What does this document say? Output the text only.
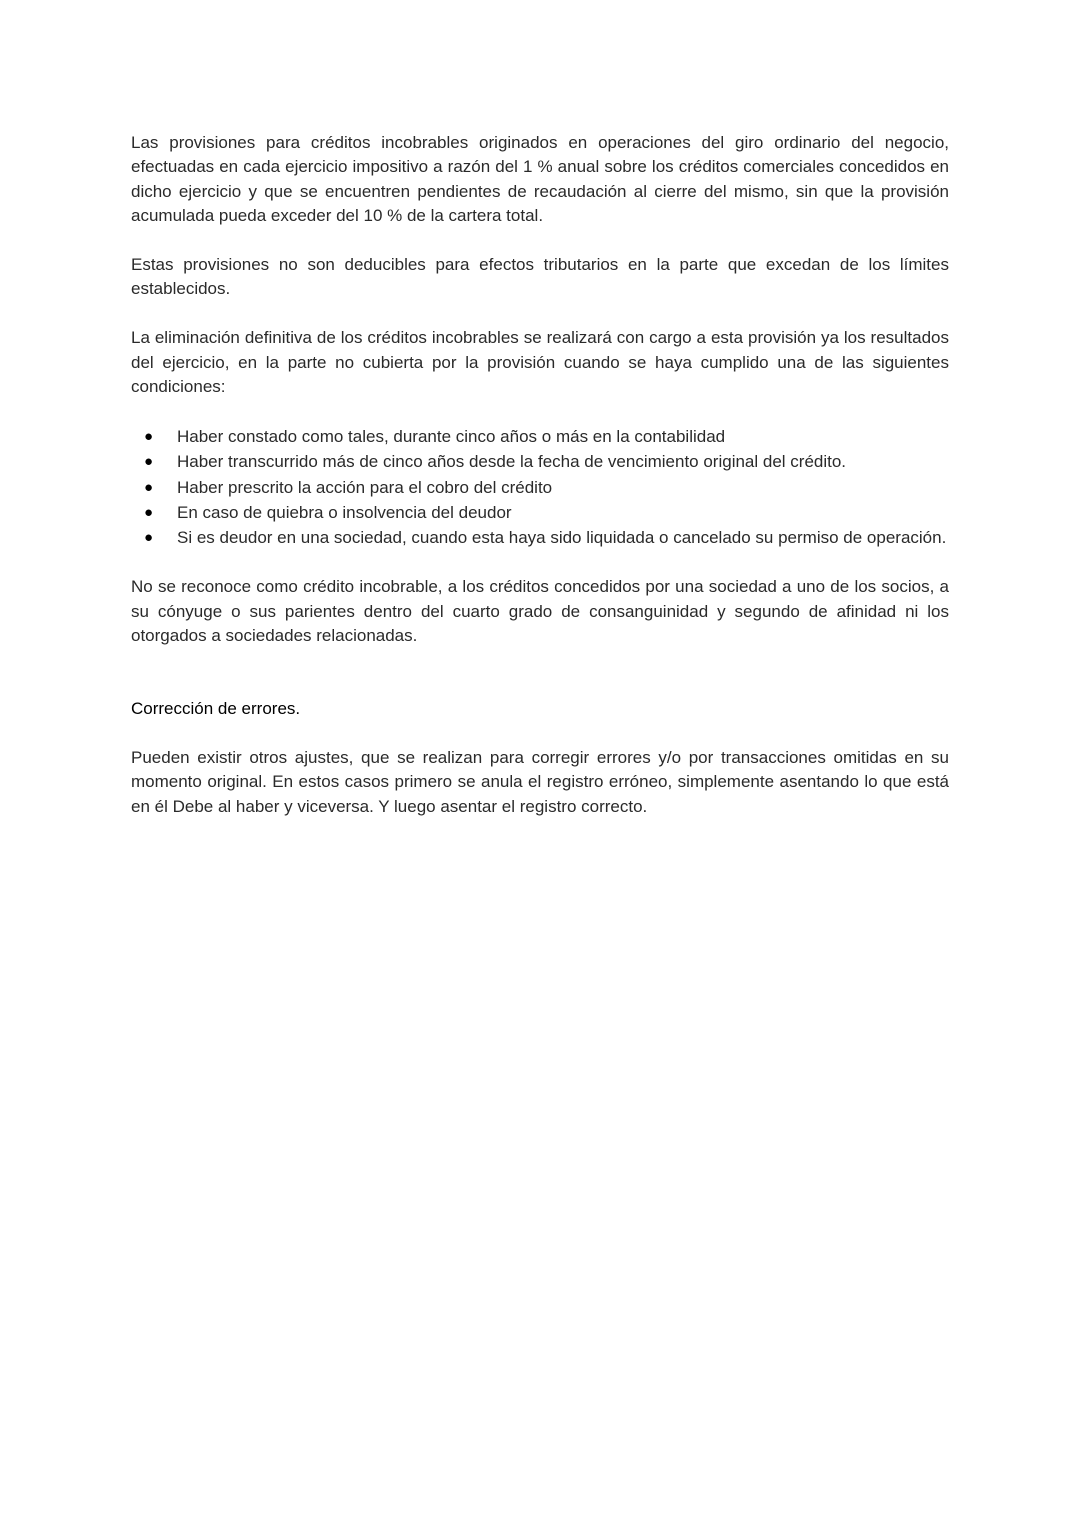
Las provisiones para créditos incobrables originados en operaciones del giro ordinario del negocio, efectuadas en cada ejercicio impositivo a razón del 1 % anual sobre los créditos comerciales concedidos en dicho ejercicio y que se encuentren pendientes de recaudación al cierre del mismo, sin que la provisión acumulada pueda exceder del 10 % de la cartera total.

Estas provisiones no son deducibles para efectos tributarios en la parte que excedan de los límites establecidos.

La eliminación definitiva de los créditos incobrables se realizará con cargo a esta provisión ya los resultados del ejercicio, en la parte no cubierta por la provisión cuando se haya cumplido una de las siguientes condiciones:

● Haber constado como tales, durante cinco años o más en la contabilidad
● Haber transcurrido más de cinco años desde la fecha de vencimiento original del crédito.
● Haber prescrito la acción para el cobro del crédito
● En caso de quiebra o insolvencia del deudor
● Si es deudor en una sociedad, cuando esta haya sido liquidada o cancelado su permiso de operación.

No se reconoce como crédito incobrable, a los créditos concedidos por una sociedad a uno de los socios, a su cónyuge o sus parientes dentro del cuarto grado de consanguinidad y segundo de afinidad ni los otorgados a sociedades relacionadas.

Corrección de errores.

Pueden existir otros ajustes, que se realizan para corregir errores y/o por transacciones omitidas en su momento original. En estos casos primero se anula el registro erróneo, simplemente asentando lo que está en él Debe al haber y viceversa. Y luego asentar el registro correcto.
